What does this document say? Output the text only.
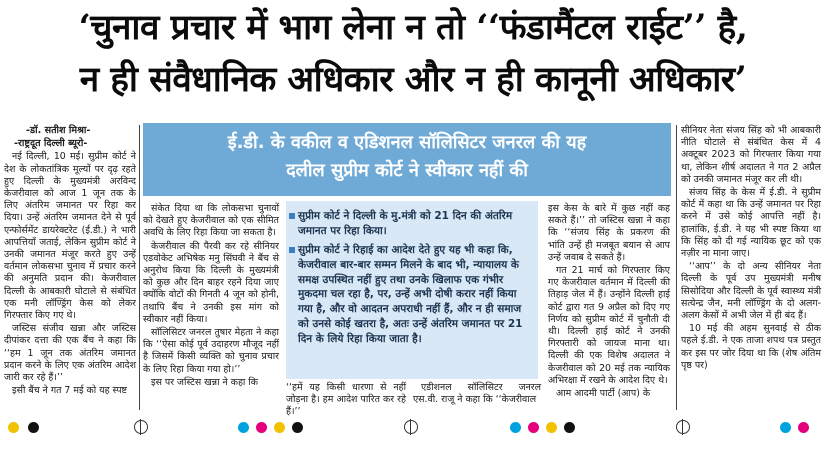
‘चुनाव प्रचार में भाग लेना न तो ‘‘फंडामैंटल राईट’’ है,
न ही संवैधानिक अधिकार और न ही कानूनी अधिकार’

-डॉ. सतीश मिश्रा-

-राष्ट्रदूत दिल्ली ब्यूरो-

नई दिल्ली, 10 मई। सुप्रीम कोर्ट ने देश के लोकतांत्रिक मूल्यों पर दृढ़ रहते हुए दिल्ली के मुख्यमंत्री अरविन्द केजरीवाल को आज 1 जून तक के लिए अंतरिम जमानत पर रिहा कर दिया। उन्हें अंतरिम जमानत देने से पूर्व एन्फोर्समेंट डायरेक्टरेट (ई.डी.) ने भारी आपत्तियाँ जताई, लेकिन सुप्रीम कोर्ट ने उनकी जमानत मंजूर करते हुए उन्हें वर्तमान लोकसभा चुनाव में प्रचार करने की अनुमति प्रदान की। केजरीवाल दिल्ली के आबकारी घोटाले से संबंधित एक मनी लॉण्ड्रिंग केस को लेकर गिरफ्तार किए गए थे।

जस्टिस संजीव खन्ना और जस्टिस दीपांकर दत्ता की एक बैंच ने कहा कि ‘‘हम 1 जून तक अंतरिम जमानत प्रदान करने के लिए एक अंतरिम आदेश जारी कर रहे हैं।’’

इसी बैंच ने गत 7 मई को यह स्पष्ट

ई.डी. के वकील व एडिशनल सॉलिसिटर जनरल की यह
दलील सुप्रीम कोर्ट ने स्वीकार नहीं की

संकेत दिया था कि लोकसभा चुनावों को देखते हुए केजरीवाल को एक सीमित अवधि के लिए रिहा किया जा सकता है।

केजरीवाल की पैरवी कर रहे सीनियर एडवोकेट अभिषेक मनु सिंघवी ने बैंच से अनुरोध किया कि दिल्ली के मुख्यमंत्री को कुछ और दिन बाहर रहने दिया जाए क्योंकि वोटों की गिनती 4 जून को होनी, तथापि बैंच ने उनकी इस मांग को स्वीकार नहीं किया।

सॉलिसिटर जनरल तुषार मेहता ने कहा कि ‘‘ऐसा कोई पूर्व उदाहरण मौजूद नहीं है जिसमें किसी व्यक्ति को चुनाव प्रचार के लिए रिहा किया गया हो।’’

इस पर जस्टिस खन्ना ने कहा कि

सुप्रीम कोर्ट ने दिल्ली के मु.मंत्री को 21 दिन की अंतरिम जमानत पर रिहा किया।
सुप्रीम कोर्ट ने रिहाई का आदेश देते हुए यह भी कहा कि, केजरीवाल बार-बार सम्मन मिलने के बाद भी, न्यायालय के समक्ष उपस्थित नहीं हुए तथा उनके खिलाफ एक गंभीर मुकदमा चल रहा है, पर, उन्हें अभी दोषी करार नहीं किया गया है, और वो आदतन अपराधी नहीं हैं, और न ही समाज को उनसे कोई खतरा है, अतः उन्हें अंतरिम जमानत पर 21 दिन के लिये रिहा किया जाता है।

‘‘हमें यह किसी धारणा से नहीं जोड़ना है। हम आदेश पारित कर रहे हैं।’’

एडीशनल सॉलिसिटर जनरल एस.वी. राजू ने कहा कि ‘‘केजरीवाल

इस केस के बारे में कुछ नहीं कह सकते हैं।’’ तो जस्टिस खन्ना ने कहा कि ‘‘संजय सिंह के प्रकरण की भांति उन्हें ही मजबूत बयान से आप उन्हें जवाब दे सकते हैं।

गत 21 मार्च को गिरफ्तार किए गए केजरीवाल वर्तमान में दिल्ली की तिहाड़ जेल में हैं। उन्होंने दिल्ली हाई कोर्ट द्वारा गत 9 अप्रैल को दिए गए निर्णय को सुप्रीम कोर्ट में चुनौती दी थी। दिल्ली हाई कोर्ट ने उनकी गिरफ्तारी को जायज माना था। दिल्ली की एक विशेष अदालत ने केजरीवाल को 20 मई तक न्यायिक अभिरक्षा में रखने के आदेश दिए थे।

आम आदमी पार्टी (आप) के

सीनियर नेता संजय सिंह को भी आबकारी नीति घोटाले से संबंधित केस में 4 अक्टूबर 2023 को गिरफ्तार किया गया था, लेकिन शीर्ष अदालत ने गत 2 अप्रैल को उनकी जमानत मंजूर कर ली थी।

संजय सिंह के केस में ई.डी. ने सुप्रीम कोर्ट में कहा था कि उन्हें जमानत पर रिहा करने में उसे कोई आपत्ति नहीं है। हालांकि, ई.डी. ने यह भी स्पष्ट किया था कि सिंह को दी गई न्यायिक छूट को एक नज़ीर ना माना जाए।

‘‘आप’’ के दो अन्य सीनियर नेता दिल्ली के पूर्व उप मुख्यमंत्री मनीष सिसोदिया और दिल्ली के पूर्व स्वास्थ्य मंत्री सत्येन्द्र जैन, मनी लॉण्ड्रिंग के दो अलग-अलग केसों में अभी जेल में ही बंद हैं।

10 मई की अहम सुनवाई से ठीक पहले ई.डी. ने एक ताजा शपथ पत्र प्रस्तुत कर इस पर जोर दिया था कि (शेष अंतिम पृष्ठ पर)
